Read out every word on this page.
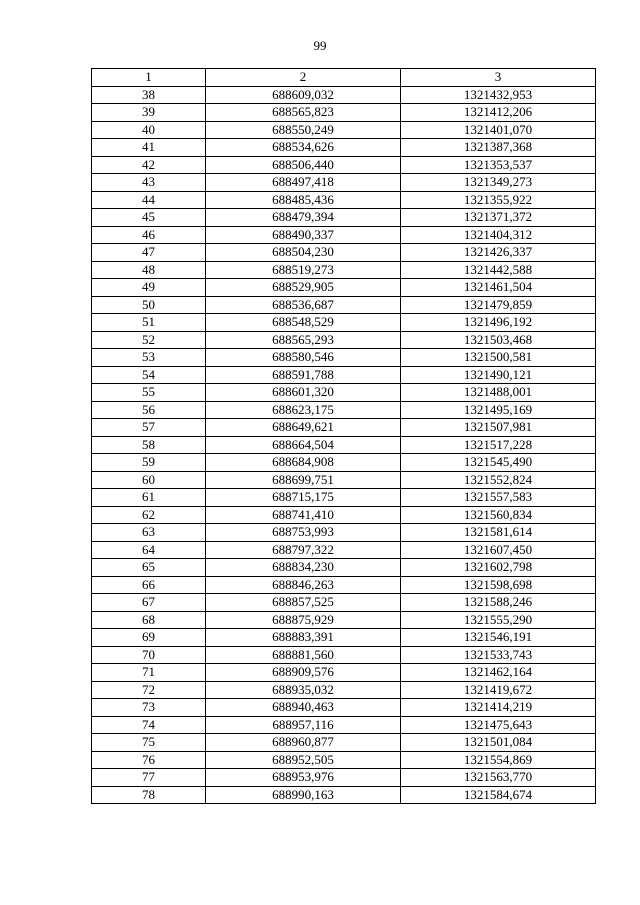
99
1	2	3
38	688609,032	1321432,953
39	688565,823	1321412,206
40	688550,249	1321401,070
41	688534,626	1321387,368
42	688506,440	1321353,537
43	688497,418	1321349,273
44	688485,436	1321355,922
45	688479,394	1321371,372
46	688490,337	1321404,312
47	688504,230	1321426,337
48	688519,273	1321442,588
49	688529,905	1321461,504
50	688536,687	1321479,859
51	688548,529	1321496,192
52	688565,293	1321503,468
53	688580,546	1321500,581
54	688591,788	1321490,121
55	688601,320	1321488,001
56	688623,175	1321495,169
57	688649,621	1321507,981
58	688664,504	1321517,228
59	688684,908	1321545,490
60	688699,751	1321552,824
61	688715,175	1321557,583
62	688741,410	1321560,834
63	688753,993	1321581,614
64	688797,322	1321607,450
65	688834,230	1321602,798
66	688846,263	1321598,698
67	688857,525	1321588,246
68	688875,929	1321555,290
69	688883,391	1321546,191
70	688881,560	1321533,743
71	688909,576	1321462,164
72	688935,032	1321419,672
73	688940,463	1321414,219
74	688957,116	1321475,643
75	688960,877	1321501,084
76	688952,505	1321554,869
77	688953,976	1321563,770
78	688990,163	1321584,674
